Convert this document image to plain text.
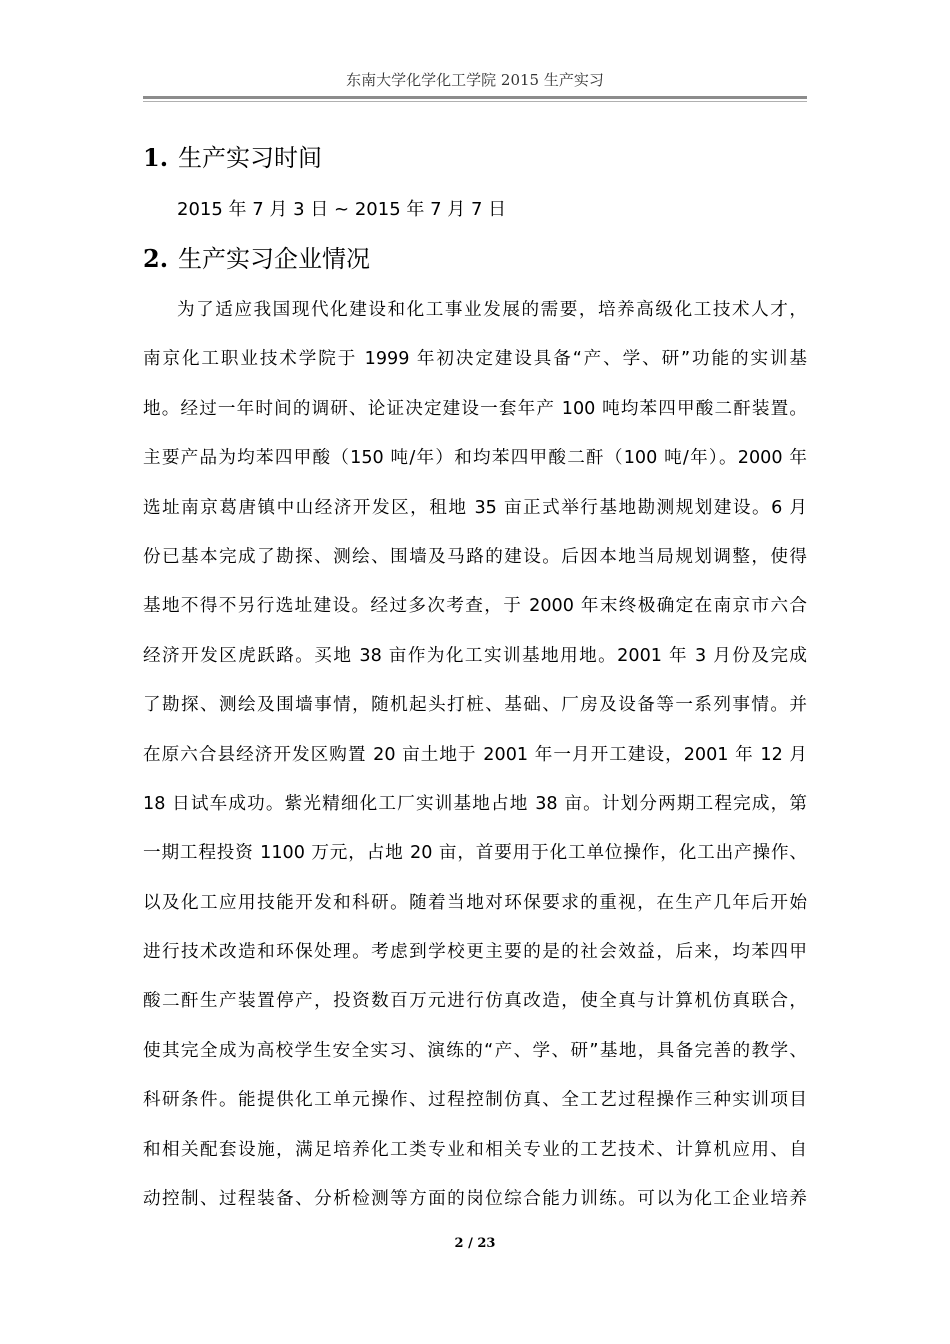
东南大学化学化工学院 2015 生产实习
1. 生产实习时间
2015 年 7 月 3 日 ~ 2015 年 7 月 7 日
2. 生产实习企业情况
为了适应我国现代化建设和化工事业发展的需要，培养高级化工技术人才，
南京化工职业技术学院于 1999 年初决定建设具备“产、学、研”功能的实训基
地。经过一年时间的调研、论证决定建设一套年产 100 吨均苯四甲酸二酐装置。
主要产品为均苯四甲酸（150 吨/年）和均苯四甲酸二酐（100 吨/年）。2000 年
选址南京葛唐镇中山经济开发区，租地 35 亩正式举行基地勘测规划建设。6 月
份已基本完成了勘探、测绘、围墙及马路的建设。后因本地当局规划调整，使得
基地不得不另行选址建设。经过多次考查，于 2000 年末终极确定在南京市六合
经济开发区虎跃路。买地 38 亩作为化工实训基地用地。2001 年 3 月份及完成
了勘探、测绘及围墙事情，随机起头打桩、基础、厂房及设备等一系列事情。并
在原六合县经济开发区购置 20 亩土地于 2001 年一月开工建设，2001 年 12 月
18 日试车成功。紫光精细化工厂实训基地占地 38 亩。计划分两期工程完成，第
一期工程投资 1100 万元，占地 20 亩，首要用于化工单位操作，化工出产操作、
以及化工应用技能开发和科研。随着当地对环保要求的重视，在生产几年后开始
进行技术改造和环保处理。考虑到学校更主要的是的社会效益，后来，均苯四甲
酸二酐生产装置停产，投资数百万元进行仿真改造，使全真与计算机仿真联合，
使其完全成为高校学生安全实习、演练的“产、学、研”基地，具备完善的教学、
科研条件。能提供化工单元操作、过程控制仿真、全工艺过程操作三种实训项目
和相关配套设施，满足培养化工类专业和相关专业的工艺技术、计算机应用、自
动控制、过程装备、分析检测等方面的岗位综合能力训练。可以为化工企业培养
2 / 23
